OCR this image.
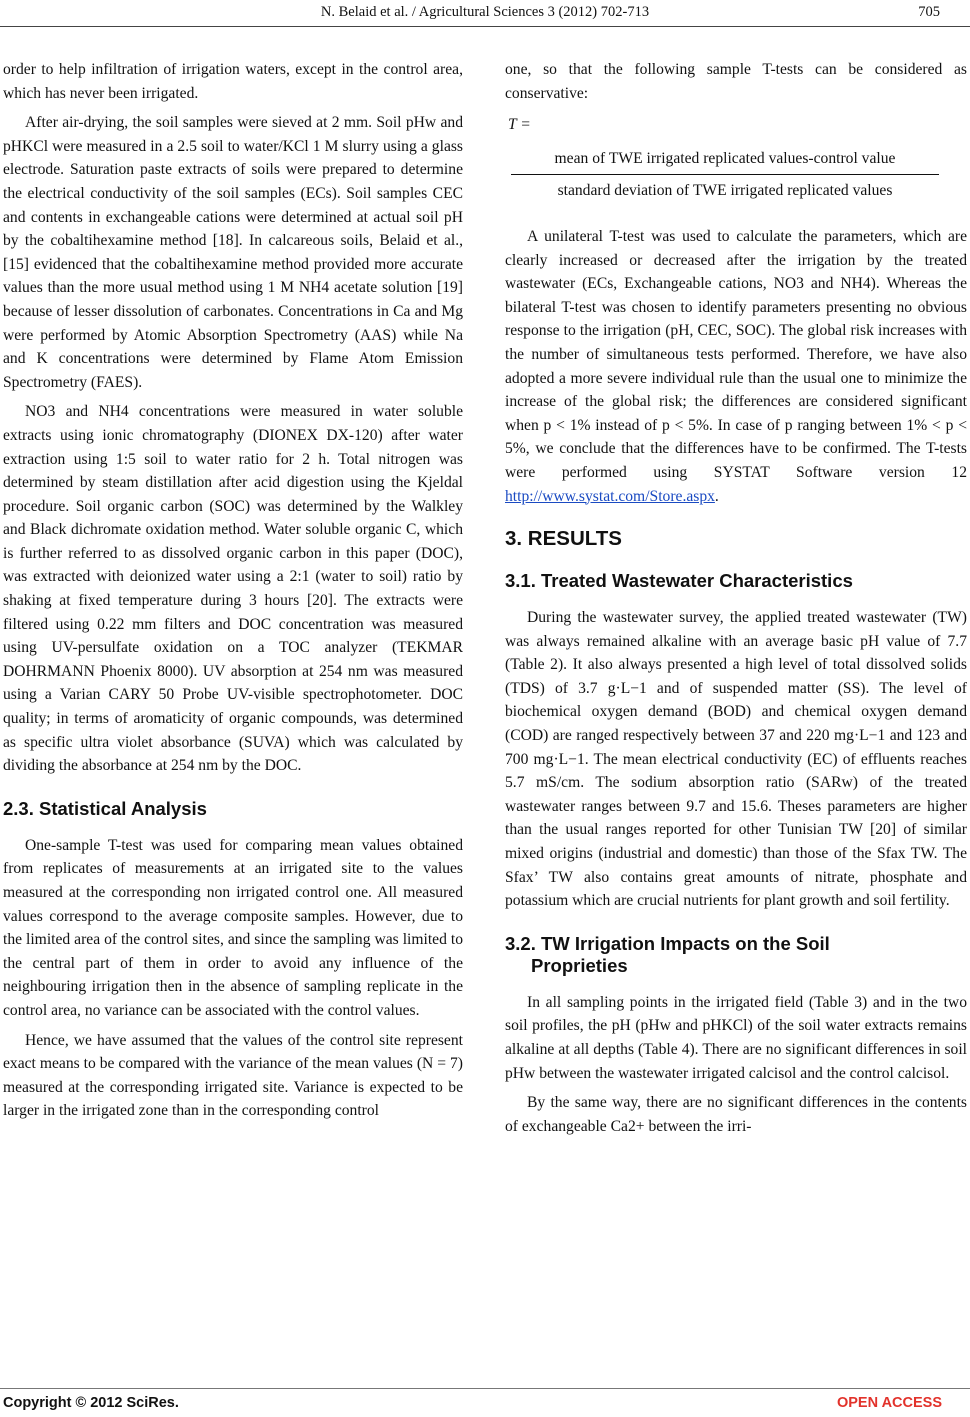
N. Belaid et al. / Agricultural Sciences 3 (2012) 702-713	705

order to help infiltration of irrigation waters, except in the control area, which has never been irrigated.

After air-drying, the soil samples were sieved at 2 mm. Soil pHw and pHKCl were measured in a 2.5 soil to water/KCl 1 M slurry using a glass electrode. Saturation paste extracts of soils were prepared to determine the electrical conductivity of the soil samples (ECs). Soil samples CEC and contents in exchangeable cations were determined at actual soil pH by the cobaltihexamine method [18]. In calcareous soils, Belaid et al., [15] evidenced that the cobaltihexamine method provided more accurate values than the more usual method using 1 M NH4 acetate solution [19] because of lesser dissolution of carbonates. Concentrations in Ca and Mg were performed by Atomic Absorption Spectrometry (AAS) while Na and K concentrations were determined by Flame Atom Emission Spectrometry (FAES).

NO3 and NH4 concentrations were measured in water soluble extracts using ionic chromatography (DIONEX DX-120) after water extraction using 1:5 soil to water ratio for 2 h. Total nitrogen was determined by steam distillation after acid digestion using the Kjeldal procedure. Soil organic carbon (SOC) was determined by the Walkley and Black dichromate oxidation method. Water soluble organic C, which is further referred to as dissolved organic carbon in this paper (DOC), was extracted with deionized water using a 2:1 (water to soil) ratio by shaking at fixed temperature during 3 hours [20]. The extracts were filtered using 0.22 mm filters and DOC concentration was measured using UV-persulfate oxidation on a TOC analyzer (TEKMAR DOHRMANN Phoenix 8000). UV absorption at 254 nm was measured using a Varian CARY 50 Probe UV-visible spectrophotometer. DOC quality; in terms of aromaticity of organic compounds, was determined as specific ultra violet absorbance (SUVA) which was calculated by dividing the absorbance at 254 nm by the DOC.

2.3. Statistical Analysis

One-sample T-test was used for comparing mean values obtained from replicates of measurements at an irrigated site to the values measured at the corresponding non irrigated control one. All measured values correspond to the average composite samples. However, due to the limited area of the control sites, and since the sampling was limited to the central part of them in order to avoid any influence of the neighbouring irrigation then in the absence of sampling replicate in the control area, no variance can be associated with the control values.

Hence, we have assumed that the values of the control site represent exact means to be compared with the variance of the mean values (N = 7) measured at the corresponding irrigated site. Variance is expected to be larger in the irrigated zone than in the corresponding control

one, so that the following sample T-tests can be considered as conservative:

T =
mean of TWE irrigated replicated values-control value
standard deviation of TWE irrigated replicated values

A unilateral T-test was used to calculate the parameters, which are clearly increased or decreased after the irrigation by the treated wastewater (ECs, Exchangeable cations, NO3 and NH4). Whereas the bilateral T-test was chosen to identify parameters presenting no obvious response to the irrigation (pH, CEC, SOC). The global risk increases with the number of simultaneous tests performed. Therefore, we have also adopted a more severe individual rule than the usual one to minimize the increase of the global risk; the differences are considered significant when p < 1% instead of p < 5%. In case of p ranging between 1% < p < 5%, we conclude that the differences have to be confirmed. The T-tests were performed using SYSTAT Software version 12 http://www.systat.com/Store.aspx.

3. RESULTS
3.1. Treated Wastewater Characteristics

During the wastewater survey, the applied treated wastewater (TW) was always remained alkaline with an average basic pH value of 7.7 (Table 2). It also always presented a high level of total dissolved solids (TDS) of 3.7 g·L−1 and of suspended matter (SS). The level of biochemical oxygen demand (BOD) and chemical oxygen demand (COD) are ranged respectively between 37 and 220 mg·L−1 and 123 and 700 mg·L−1. The mean electrical conductivity (EC) of effluents reaches 5.7 mS/cm. The sodium absorption ratio (SARw) of the treated wastewater ranges between 9.7 and 15.6. Theses parameters are higher than the usual ranges reported for other Tunisian TW [20] of similar mixed origins (industrial and domestic) than those of the Sfax TW. The Sfax’ TW also contains great amounts of nitrate, phosphate and potassium which are crucial nutrients for plant growth and soil fertility.

3.2. TW Irrigation Impacts on the Soil
Proprieties

In all sampling points in the irrigated field (Table 3) and in the two soil profiles, the pH (pHw and pHKCl) of the soil water extracts remains alkaline at all depths (Table 4). There are no significant differences in soil pHw between the wastewater irrigated calcisol and the control calcisol.

By the same way, there are no significant differences in the contents of exchangeable Ca2+ between the irri-

Copyright © 2012 SciRes.	OPEN ACCESS
